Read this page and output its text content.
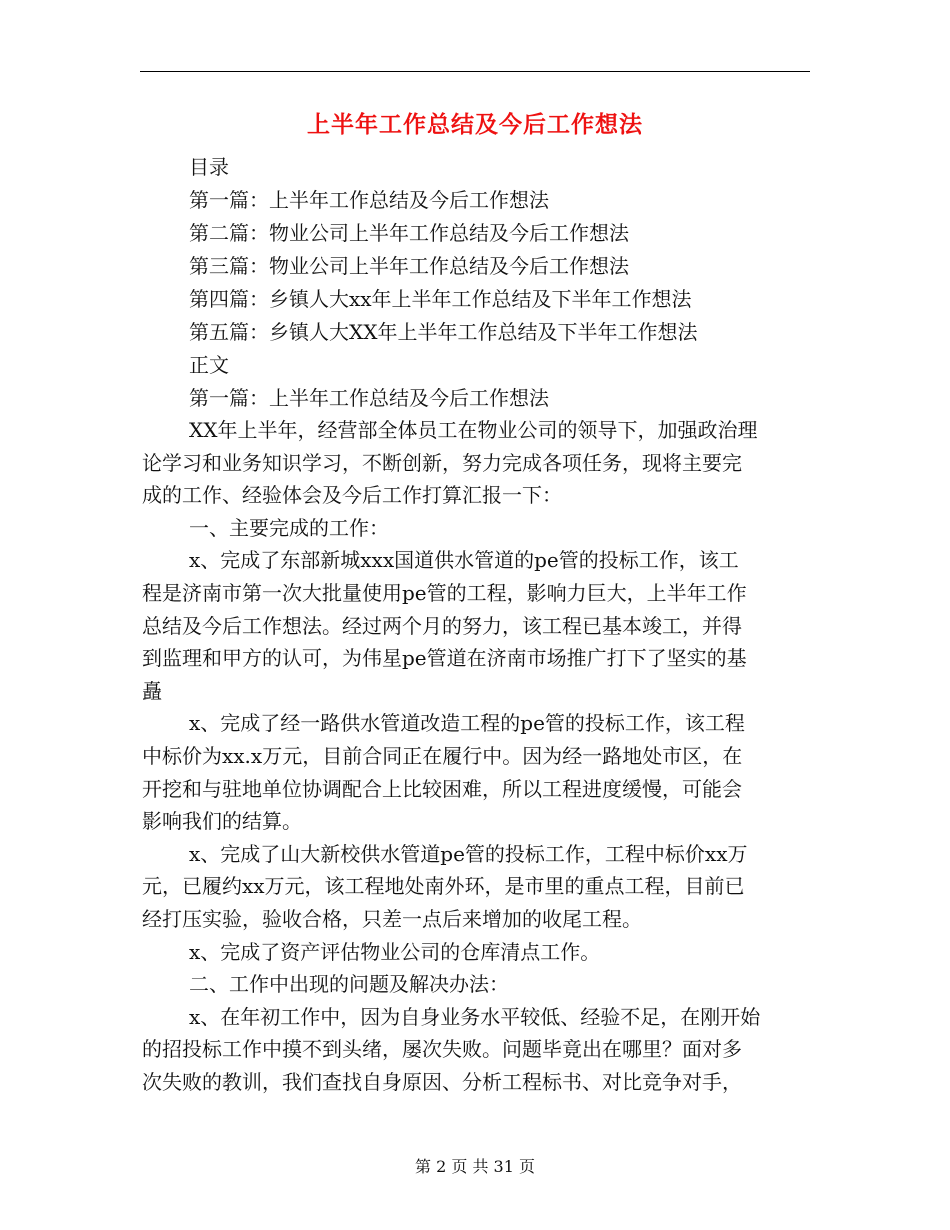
上半年工作总结及今后工作想法
目录
第一篇：上半年工作总结及今后工作想法
第二篇：物业公司上半年工作总结及今后工作想法
第三篇：物业公司上半年工作总结及今后工作想法
第四篇：乡镇人大xx年上半年工作总结及下半年工作想法
第五篇：乡镇人大XX年上半年工作总结及下半年工作想法
正文
第一篇：上半年工作总结及今后工作想法
XX年上半年，经营部全体员工在物业公司的领导下，加强政治理
论学习和业务知识学习，不断创新，努力完成各项任务，现将主要完
成的工作、经验体会及今后工作打算汇报一下：
一、主要完成的工作：
x、完成了东部新城xxx国道供水管道的pe管的投标工作，该工
程是济南市第一次大批量使用pe管的工程，影响力巨大，上半年工作
总结及今后工作想法。经过两个月的努力，该工程已基本竣工，并得
到监理和甲方的认可，为伟星pe管道在济南市场推广打下了坚实的基
矗
x、完成了经一路供水管道改造工程的pe管的投标工作，该工程
中标价为xx.x万元，目前合同正在履行中。因为经一路地处市区，在
开挖和与驻地单位协调配合上比较困难，所以工程进度缓慢，可能会
影响我们的结算。
x、完成了山大新校供水管道pe管的投标工作，工程中标价xx万
元，已履约xx万元，该工程地处南外环，是市里的重点工程，目前已
经打压实验，验收合格，只差一点后来增加的收尾工程。
x、完成了资产评估物业公司的仓库清点工作。
二、工作中出现的问题及解决办法：
x、在年初工作中，因为自身业务水平较低、经验不足，在刚开始
的招投标工作中摸不到头绪，屡次失败。问题毕竟出在哪里？面对多
次失败的教训，我们查找自身原因、分析工程标书、对比竞争对手，
第 2 页 共 31 页
